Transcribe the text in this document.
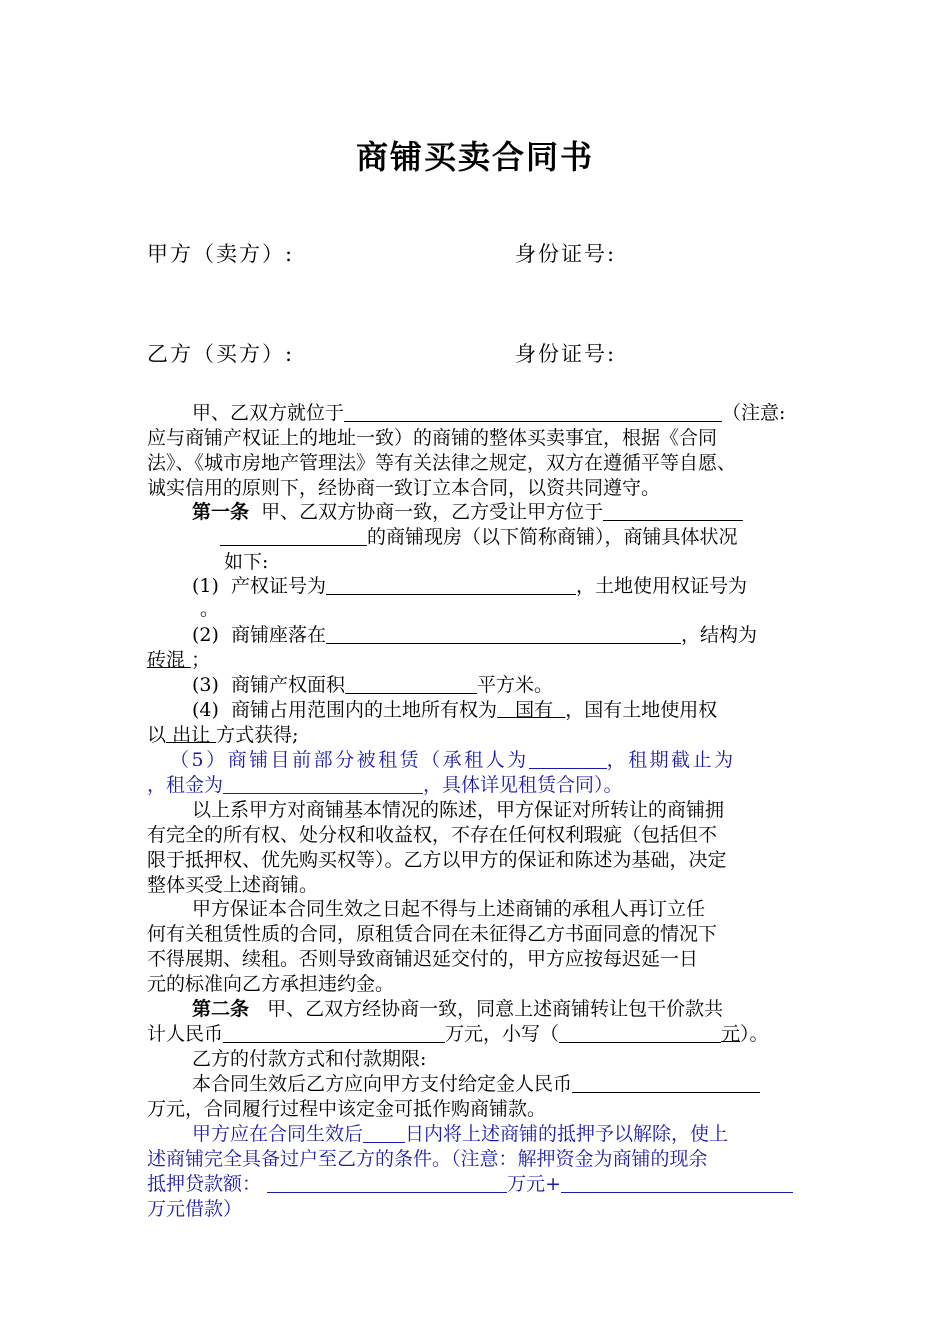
商铺买卖合同书
甲方（卖方）:	身份证号:
乙方（买方）:	身份证号:
甲、乙双方就位于	（注意:
应与商铺产权证上的地址一致）的商铺的整体买卖事宜，根据《合同
法》、《城市房地产管理法》等有关法律之规定，双方在遵循平等自愿、
诚实信用的原则下，经协商一致订立本合同，以资共同遵守。
第一条 甲、乙双方协商一致，乙方受让甲方位于
的商铺现房（以下简称商铺），商铺具体状况
如下:
(1) 产权证号为	，土地使用权证号为
。
(2) 商铺座落在	，结构为
砖混 ；
(3) 商铺产权面积	平方米。
(4) 商铺占用范围内的土地所有权为 国有 ，国有土地使用权
以 出让 方式获得;
（5）商铺目前部分被租赁（承租人为	，租期截止为
，租金为	，具体详见租赁合同）。
以上系甲方对商铺基本情况的陈述，甲方保证对所转让的商铺拥
有完全的所有权、处分权和收益权，不存在任何权利瑕疵（包括但不
限于抵押权、优先购买权等）。乙方以甲方的保证和陈述为基础，决定
整体买受上述商铺。
甲方保证本合同生效之日起不得与上述商铺的承租人再订立任
何有关租赁性质的合同，原租赁合同在未征得乙方书面同意的情况下
不得展期、续租。否则导致商铺迟延交付的，甲方应按每迟延一日
元的标准向乙方承担违约金。
第二条 甲、乙双方经协商一致，同意上述商铺转让包干价款共
计人民币	万元，小写（	元）。
乙方的付款方式和付款期限:
本合同生效后乙方应向甲方支付给定金人民币
万元，合同履行过程中该定金可抵作购商铺款。
甲方应在合同生效后 日内将上述商铺的抵押予以解除，使上
述商铺完全具备过户至乙方的条件。（注意：解押资金为商铺的现余
抵押贷款额：	万元+
万元借款）
